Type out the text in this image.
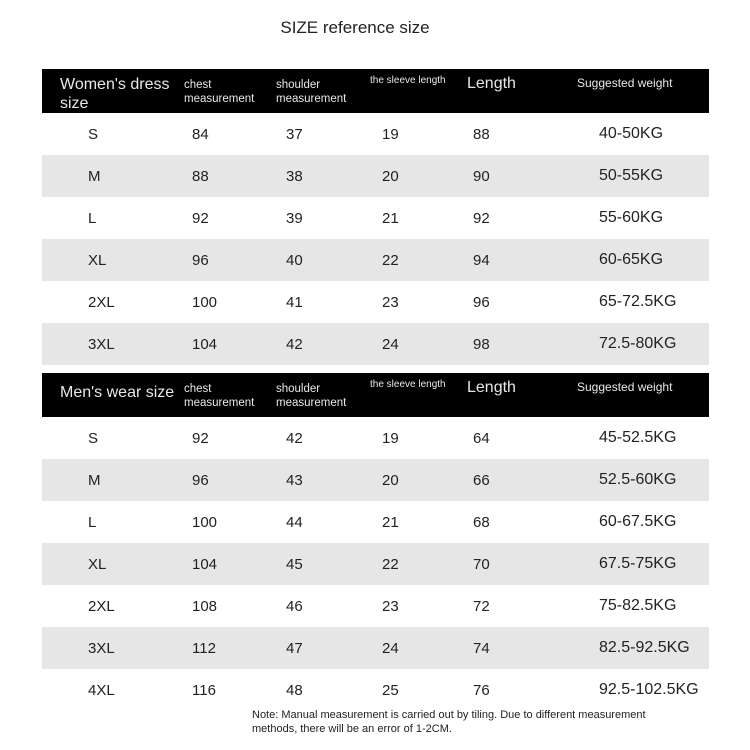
SIZE reference size
Women's dress size	chest measurement	shoulder measurement	the sleeve length	Length	Suggested weight
S	84	37	19	88	40-50KG
M	88	38	20	90	50-55KG
L	92	39	21	92	55-60KG
XL	96	40	22	94	60-65KG
2XL	100	41	23	96	65-72.5KG
3XL	104	42	24	98	72.5-80KG
Men's wear size	chest measurement	shoulder measurement	the sleeve length	Length	Suggested weight
S	92	42	19	64	45-52.5KG
M	96	43	20	66	52.5-60KG
L	100	44	21	68	60-67.5KG
XL	104	45	22	70	67.5-75KG
2XL	108	46	23	72	75-82.5KG
3XL	112	47	24	74	82.5-92.5KG
4XL	116	48	25	76	92.5-102.5KG
Note: Manual measurement is carried out by tiling. Due to different measurement methods, there will be an error of 1-2CM.
